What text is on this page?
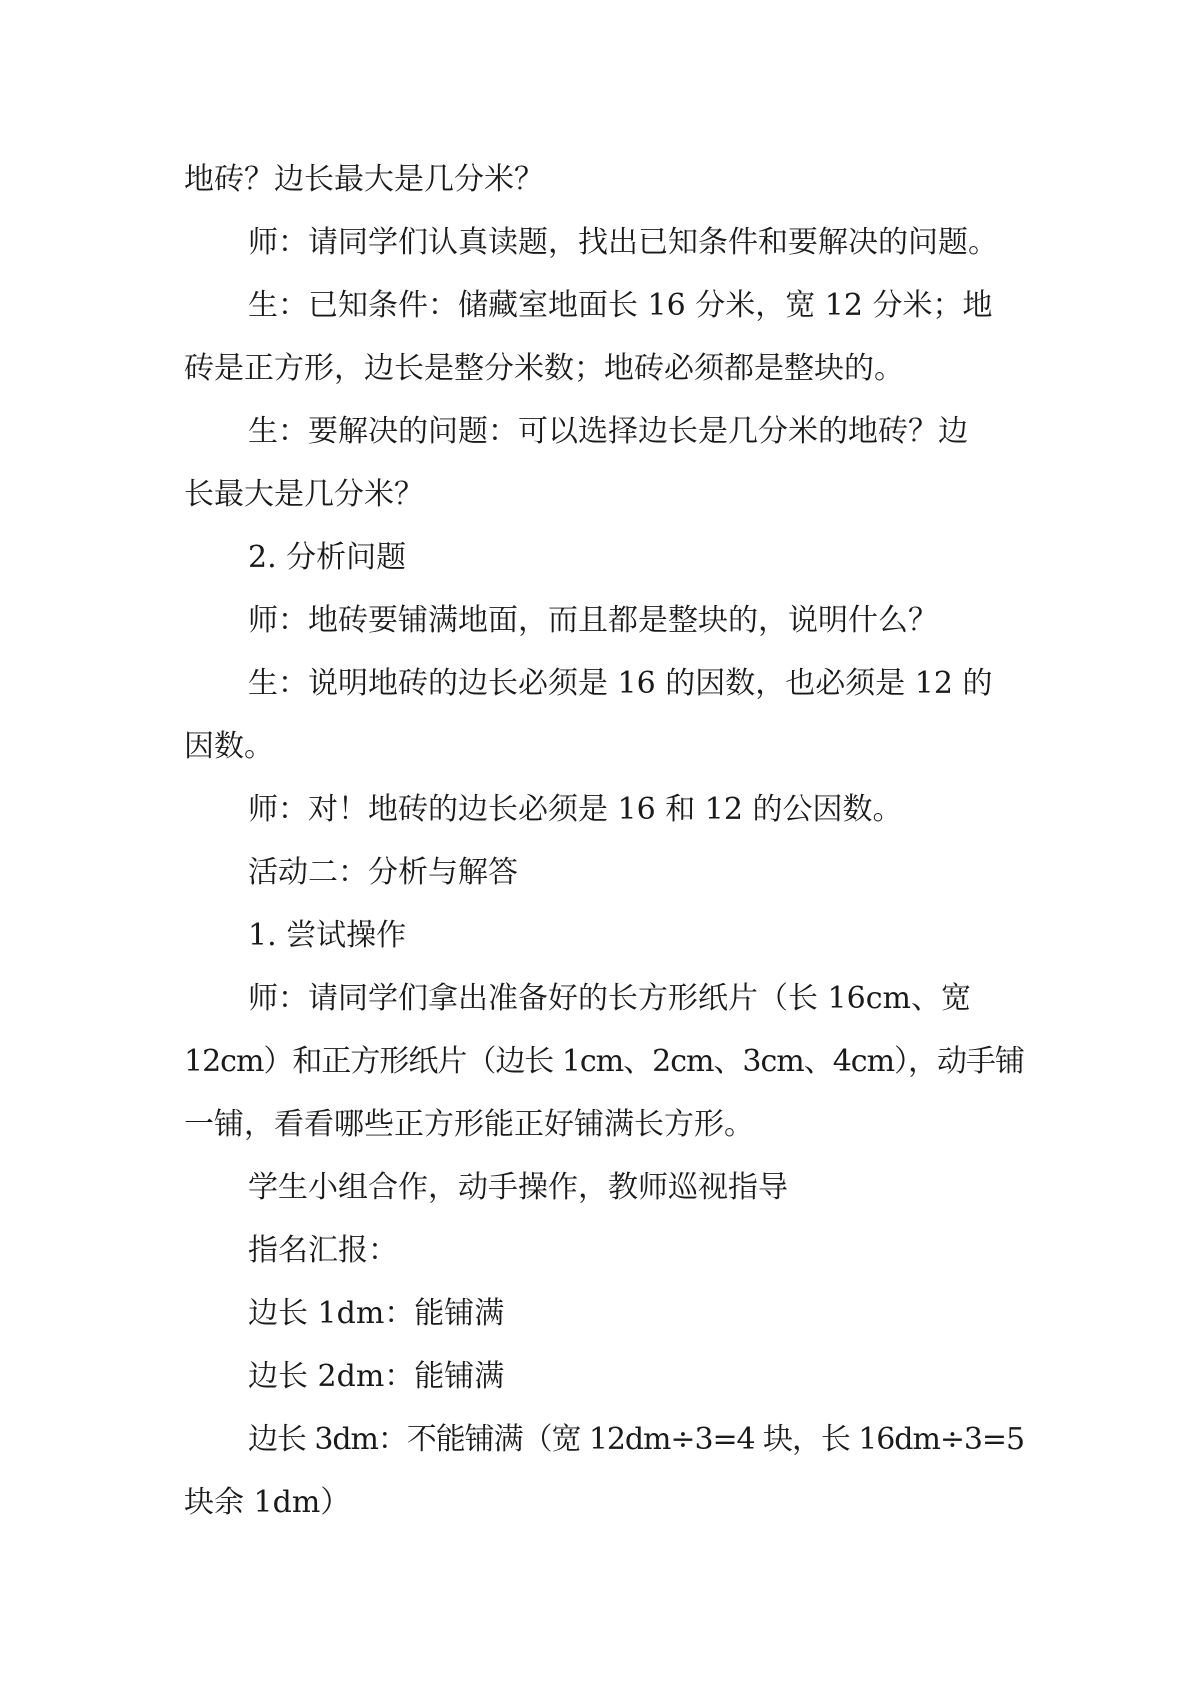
地砖？边长最大是几分米？
师：请同学们认真读题，找出已知条件和要解决的问题。
生：已知条件：储藏室地面长 16 分米，宽 12 分米；地
砖是正方形，边长是整分米数；地砖必须都是整块的。
生：要解决的问题：可以选择边长是几分米的地砖？边
长最大是几分米？
2. 分析问题
师：地砖要铺满地面，而且都是整块的，说明什么？
生：说明地砖的边长必须是 16 的因数，也必须是 12 的
因数。
师：对！地砖的边长必须是 16 和 12 的公因数。
活动二：分析与解答
1. 尝试操作
师：请同学们拿出准备好的长方形纸片（长 16cm、宽
12cm）和正方形纸片（边长 1cm、2cm、3cm、4cm），动手铺
一铺，看看哪些正方形能正好铺满长方形。
学生小组合作，动手操作，教师巡视指导
指名汇报：
边长 1dm：能铺满
边长 2dm：能铺满
边长 3dm：不能铺满（宽 12dm÷3=4 块，长 16dm÷3=5
块余 1dm）
